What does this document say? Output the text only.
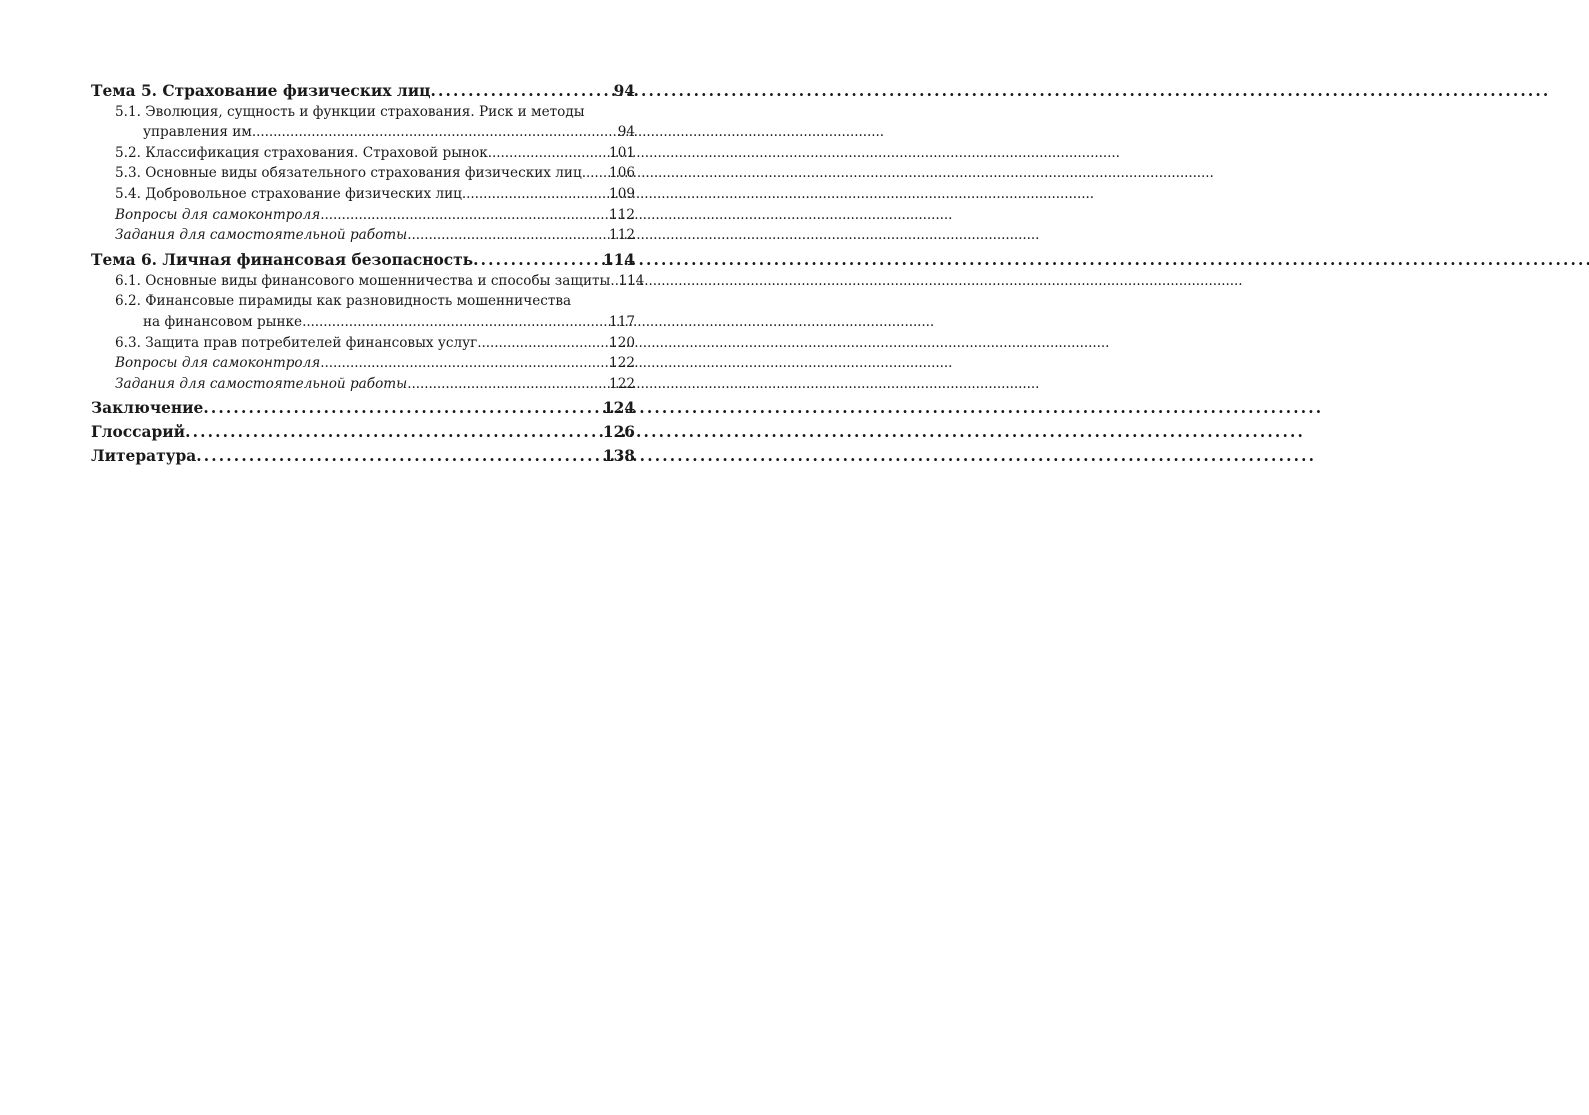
Тема 5. Страхование физических лиц . . .	94
5.1. Эволюция, сущность и функции страхования. Риск и методы
управления им . . .	94
5.2. Классификация страхования. Страховой рынок . . .	101
5.3. Основные виды обязательного страхования физических лиц . . . 106
5.4. Добровольное страхование физических лиц . . .	109
Вопросы для самоконтроля . . .	112
Задания для самостоятельной работы . . .	112
Тема 6. Личная финансовая безопасность . . .	114
6.1. Основные виды финансового мошенничества и способы защиты . . . 114
6.2. Финансовые пирамиды как разновидность мошенничества
на финансовом рынке . . .	117
6.3. Защита прав потребителей финансовых услуг . . .	120
Вопросы для самоконтроля . . .	122
Задания для самостоятельной работы . . .	122
Заключение . . .	124
Глоссарий . . .	126
Литература . . .	138
